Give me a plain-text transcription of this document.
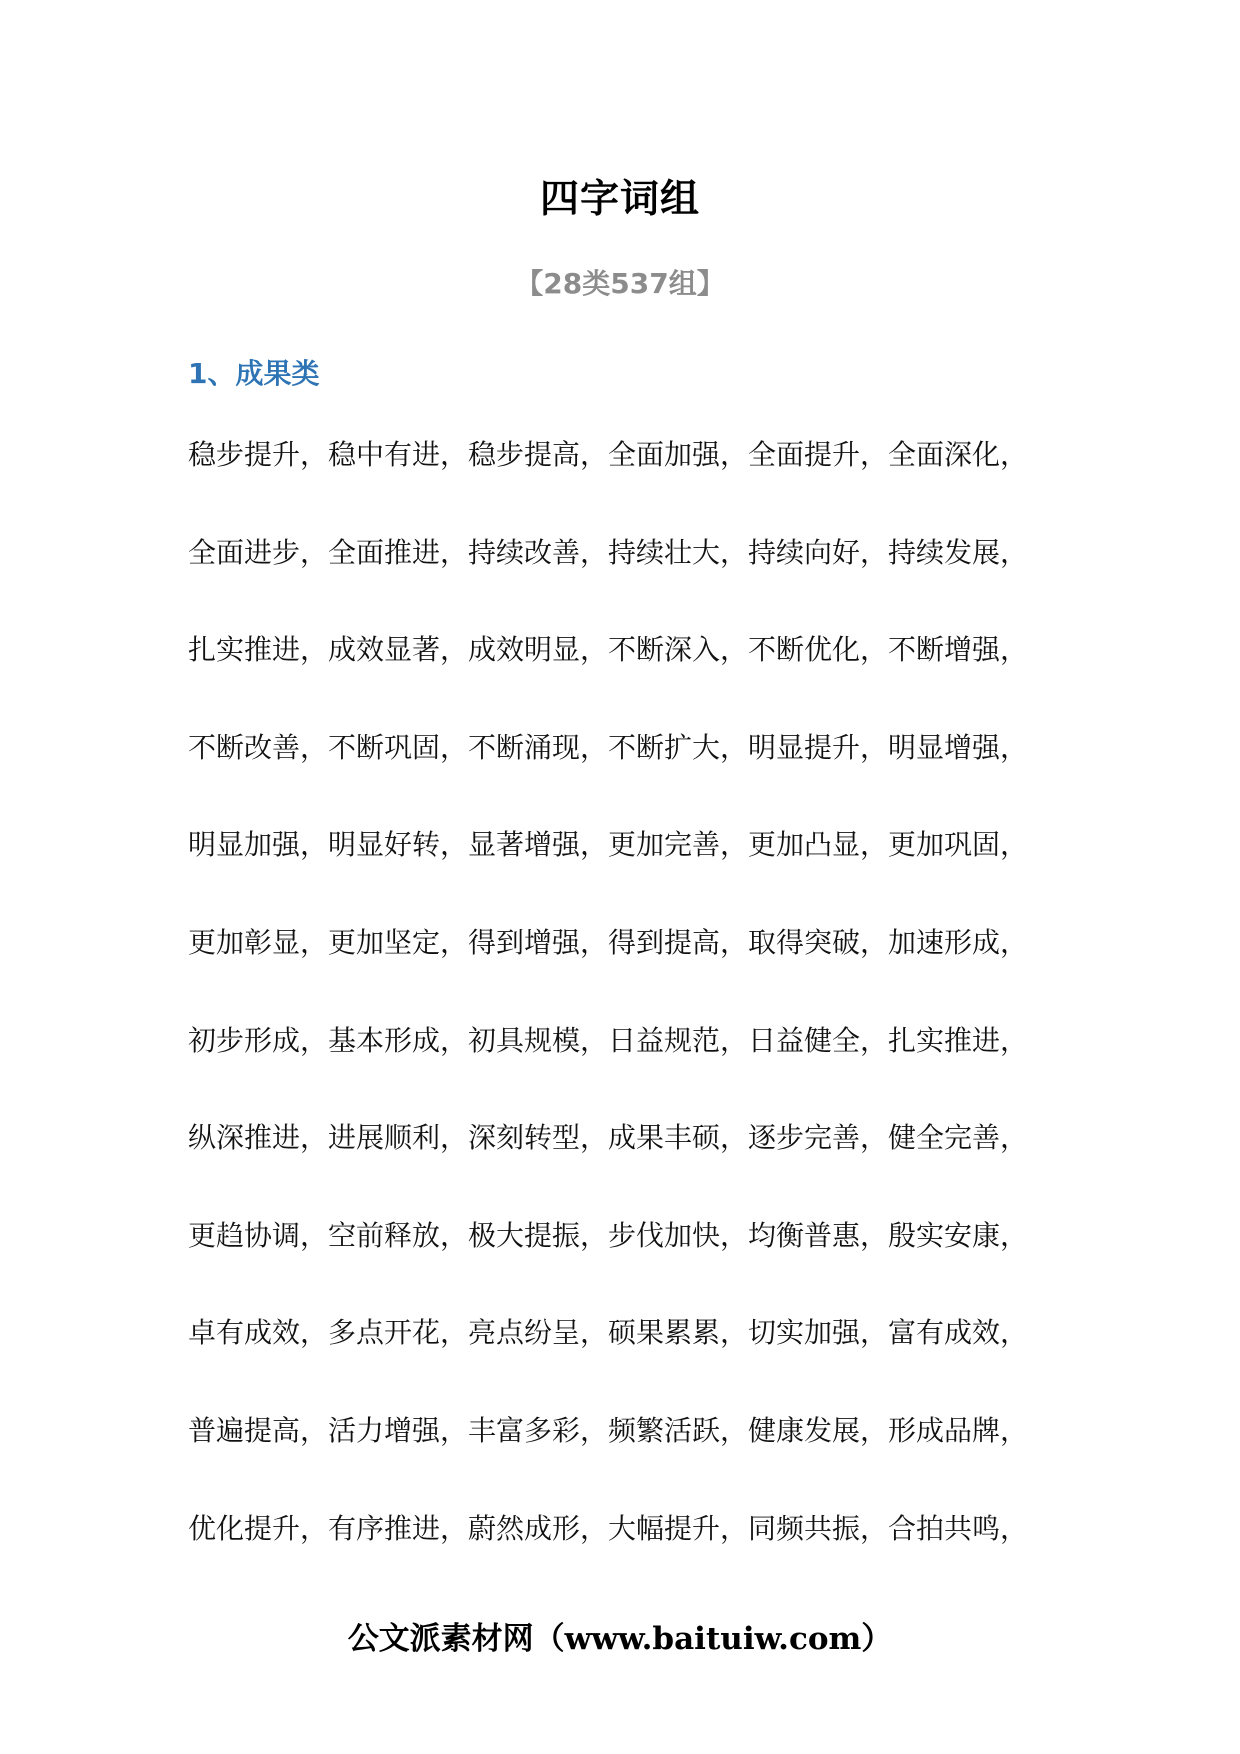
四字词组
【28类537组】
1、成果类
稳步提升，稳中有进，稳步提高，全面加强，全面提升，全面深化，
全面进步，全面推进，持续改善，持续壮大，持续向好，持续发展，
扎实推进，成效显著，成效明显，不断深入，不断优化，不断增强，
不断改善，不断巩固，不断涌现，不断扩大，明显提升，明显增强，
明显加强，明显好转，显著增强，更加完善，更加凸显，更加巩固，
更加彰显，更加坚定，得到增强，得到提高，取得突破，加速形成，
初步形成，基本形成，初具规模，日益规范，日益健全，扎实推进，
纵深推进，进展顺利，深刻转型，成果丰硕，逐步完善，健全完善，
更趋协调，空前释放，极大提振，步伐加快，均衡普惠，殷实安康，
卓有成效，多点开花，亮点纷呈，硕果累累，切实加强，富有成效，
普遍提高，活力增强，丰富多彩，频繁活跃，健康发展，形成品牌，
优化提升，有序推进，蔚然成形，大幅提升，同频共振，合拍共鸣，
公文派素材网（www.baituiw.com）
